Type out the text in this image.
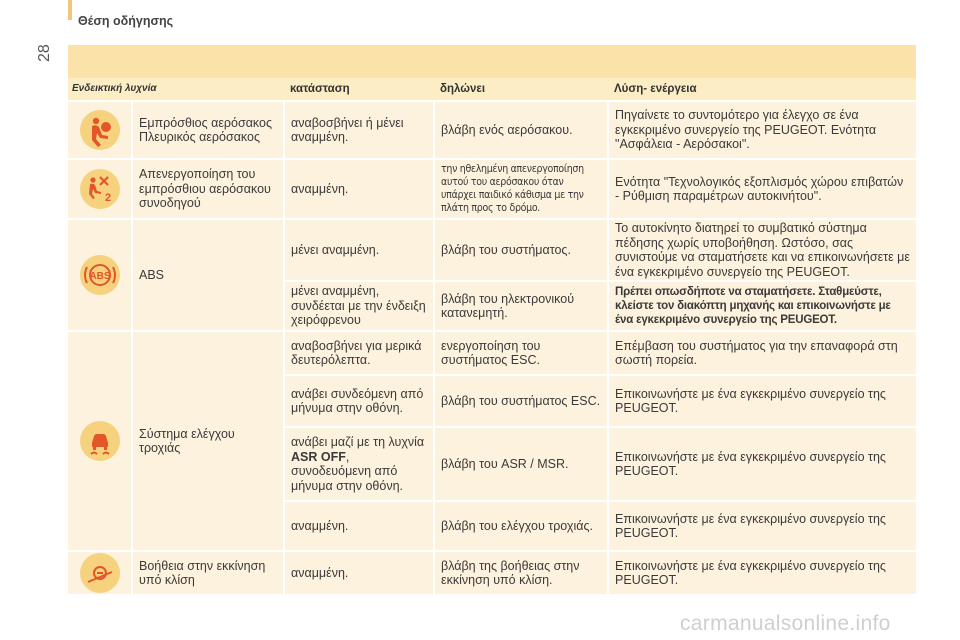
Θέση οδήγησης
28
Ενδεικτική λυχνία		κατάσταση	δηλώνει	Λύση- ενέργεια

	Εμπρόσθιος αερόσακος Πλευρικός αερόσακος	αναβοσβήνει ή μένει αναμμένη.	βλάβη ενός αερόσακου.	Πηγαίνετε το συντομότερο για έλεγχο σε ένα εγκεκριμένο συνεργείο της PEUGEOT. Ενότητα "Ασφάλεια - Αερόσακοι".

2	Απενεργοποίηση του εμπρόσθιου αερόσακου συνοδηγού	αναμμένη.	την ηθελημένη απενεργοποίηση αυτού του αερόσακου όταν υπάρχει παιδικό κάθισμα με την πλάτη προς το δρόμο.	Ενότητα "Τεχνολογικός εξοπλισμός χώρου επιβατών - Ρύθμιση παραμέτρων αυτοκινήτου".

ABS	ABS	μένει αναμμένη.	βλάβη του συστήματος.	Το αυτοκίνητο διατηρεί το συμβατικό σύστημα πέδησης χωρίς υποβοήθηση. Ωστόσο, σας συνιστούμε να σταματήσετε και να επικοινωνήσετε με ένα εγκεκριμένο συνεργείο της PEUGEOT.
		μένει αναμμένη, συνδέεται με την ένδειξη χειρόφρενου	βλάβη του ηλεκτρονικού κατανεμητή.	Πρέπει οπωσδήποτε να σταματήσετε. Σταθμεύστε, κλείστε τον διακόπτη μηχανής και επικοινωνήστε με ένα εγκεκριμένο συνεργείο της PEUGEOT.

	Σύστημα ελέγχου τροχιάς	αναβοσβήνει για μερικά δευτερόλεπτα.	ενεργοποίηση του συστήματος ESC.	Επέμβαση του συστήματος για την επαναφορά στη σωστή πορεία.
		ανάβει συνδεόμενη από μήνυμα στην οθόνη.	βλάβη του συστήματος ESC.	Επικοινωνήστε με ένα εγκεκριμένο συνεργείο της PEUGEOT.
		ανάβει μαζί με τη λυχνία ASR OFF, συνοδευόμενη από μήνυμα στην οθόνη.	βλάβη του ASR / MSR.	Επικοινωνήστε με ένα εγκεκριμένο συνεργείο της PEUGEOT.
		αναμμένη.	βλάβη του ελέγχου τροχιάς.	Επικοινωνήστε με ένα εγκεκριμένο συνεργείο της PEUGEOT.

	Βοήθεια στην εκκίνηση υπό κλίση	αναμμένη.	βλάβη της βοήθειας στην εκκίνηση υπό κλίση.	Επικοινωνήστε με ένα εγκεκριμένο συνεργείο της PEUGEOT.
carmanualsonline.info
